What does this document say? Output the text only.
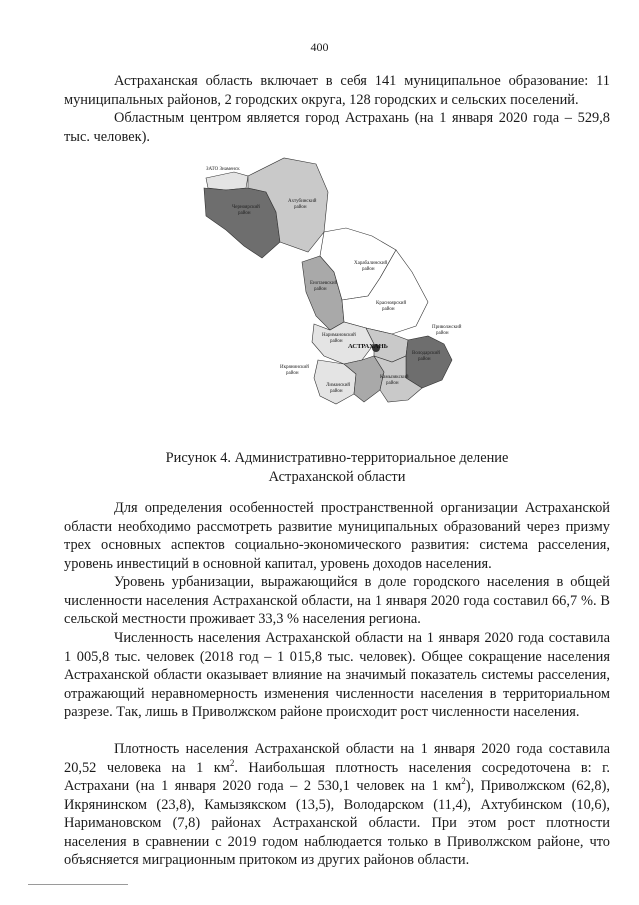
400

Астраханская область включает в себя 141 муниципальное образование: 11 муниципальных районов, 2 городских округа, 128 городских и сельских поселений.

Областным центром является город Астрахань (на 1 января 2020 года – 529,8 тыс. человек).

ЗАТО Знаменск
Черноярский
район
Ахтубинский
район
Харабалинский
район
Енотаевский
район
Красноярский
район
Приволжский
район
Наримановский
район
АСТРАХАНЬ
Володарский
район
Икрянинский
район
Камызякский
район
Лиманский
район
Рисунок 4. Административно-территориальное деление
Астраханской области

Для определения особенностей пространственной организации Астраханской области необходимо рассмотреть развитие муниципальных образований через призму трех основных аспектов социально-экономического развития: система расселения, уровень инвестиций в основной капитал, уровень доходов населения.

Уровень урбанизации, выражающийся в доле городского населения в общей численности населения Астраханской области, на 1 января 2020 года составил 66,7 %. В сельской местности проживает 33,3 % населения региона.

Численность населения Астраханской области на 1 января 2020 года составила 1 005,8 тыс. человек (2018 год – 1 015,8 тыс. человек). Общее сокращение населения Астраханской области оказывает влияние на значимый показатель системы расселения, отражающий неравномерность изменения численности населения в территориальном разрезе. Так, лишь в Приволжском районе происходит рост численности населения.

Плотность населения Астраханской области на 1 января 2020 года составила 20,52 человека на 1 $км^2$. Наибольшая плотность населения сосредоточена в: г. Астрахани (на 1 января 2020 года – 2 530,1 человек на 1 $км^2$), Приволжском (62,8), Икрянинском (23,8), Камызякском (13,5), Володарском (11,4), Ахтубинском (10,6), Наримановском (7,8) районах Астраханской области. При этом рост плотности населения в сравнении с 2019 годом наблюдается только в Приволжском районе, что объясняется миграционным притоком из других районов области.
